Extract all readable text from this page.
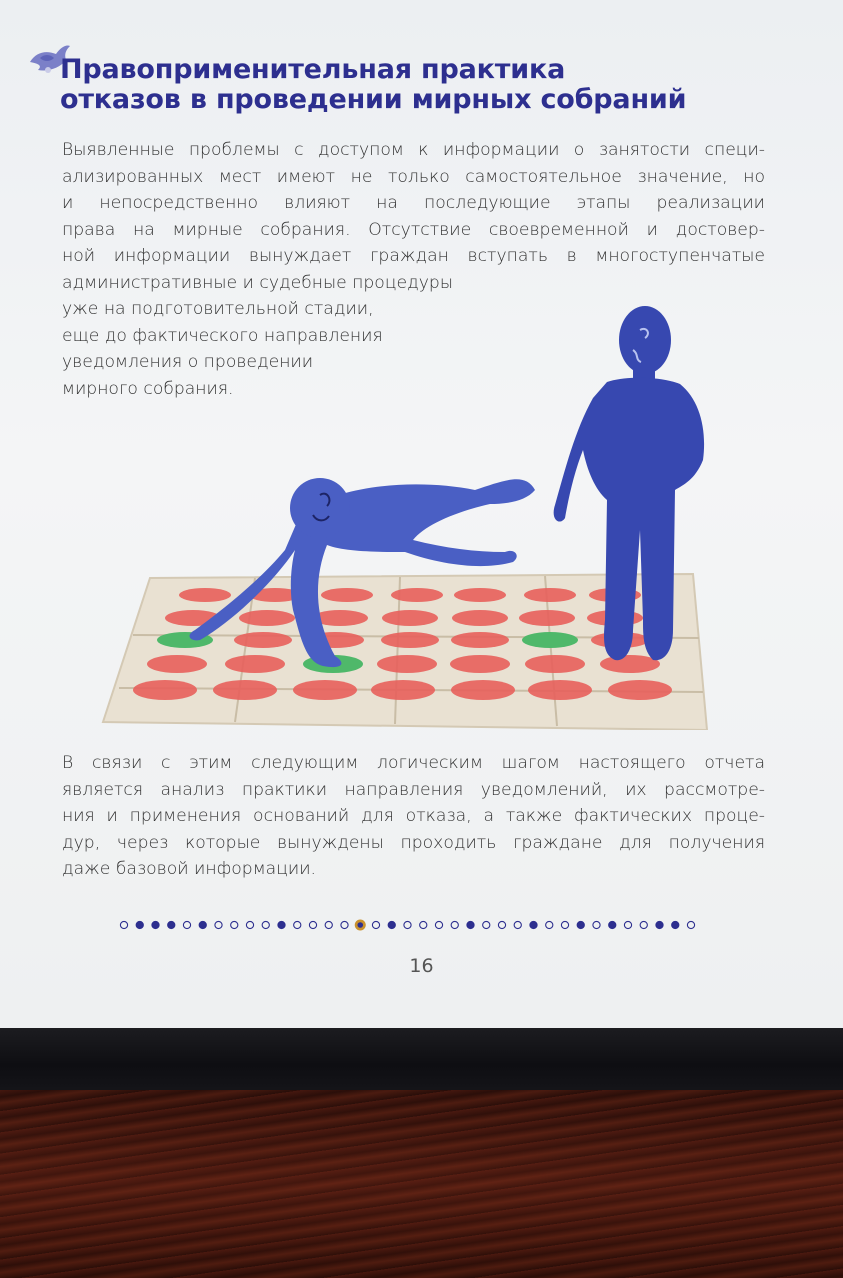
Правоприменительная практика
отказов в проведении мирных собраний

Выявленные проблемы с доступом к информации о занятости специ-
ализированных мест имеют не только самостоятельное значение, но
и непосредственно влияют на последующие этапы реализации
права на мирные собрания. Отсутствие своевременной и достовер-
ной информации вынуждает граждан вступать в многоступенчатые
административные и судебные процедуры
уже на подготовительной стадии,
еще до фактического направления
уведомления о проведении
мирного собрания.

В связи с этим следующим логическим шагом настоящего отчета
является анализ практики направления уведомлений, их рассмотре-
ния и применения оснований для отказа, а также фактических проце-
дур, через которые вынуждены проходить граждане для получения
даже базовой информации.

16
